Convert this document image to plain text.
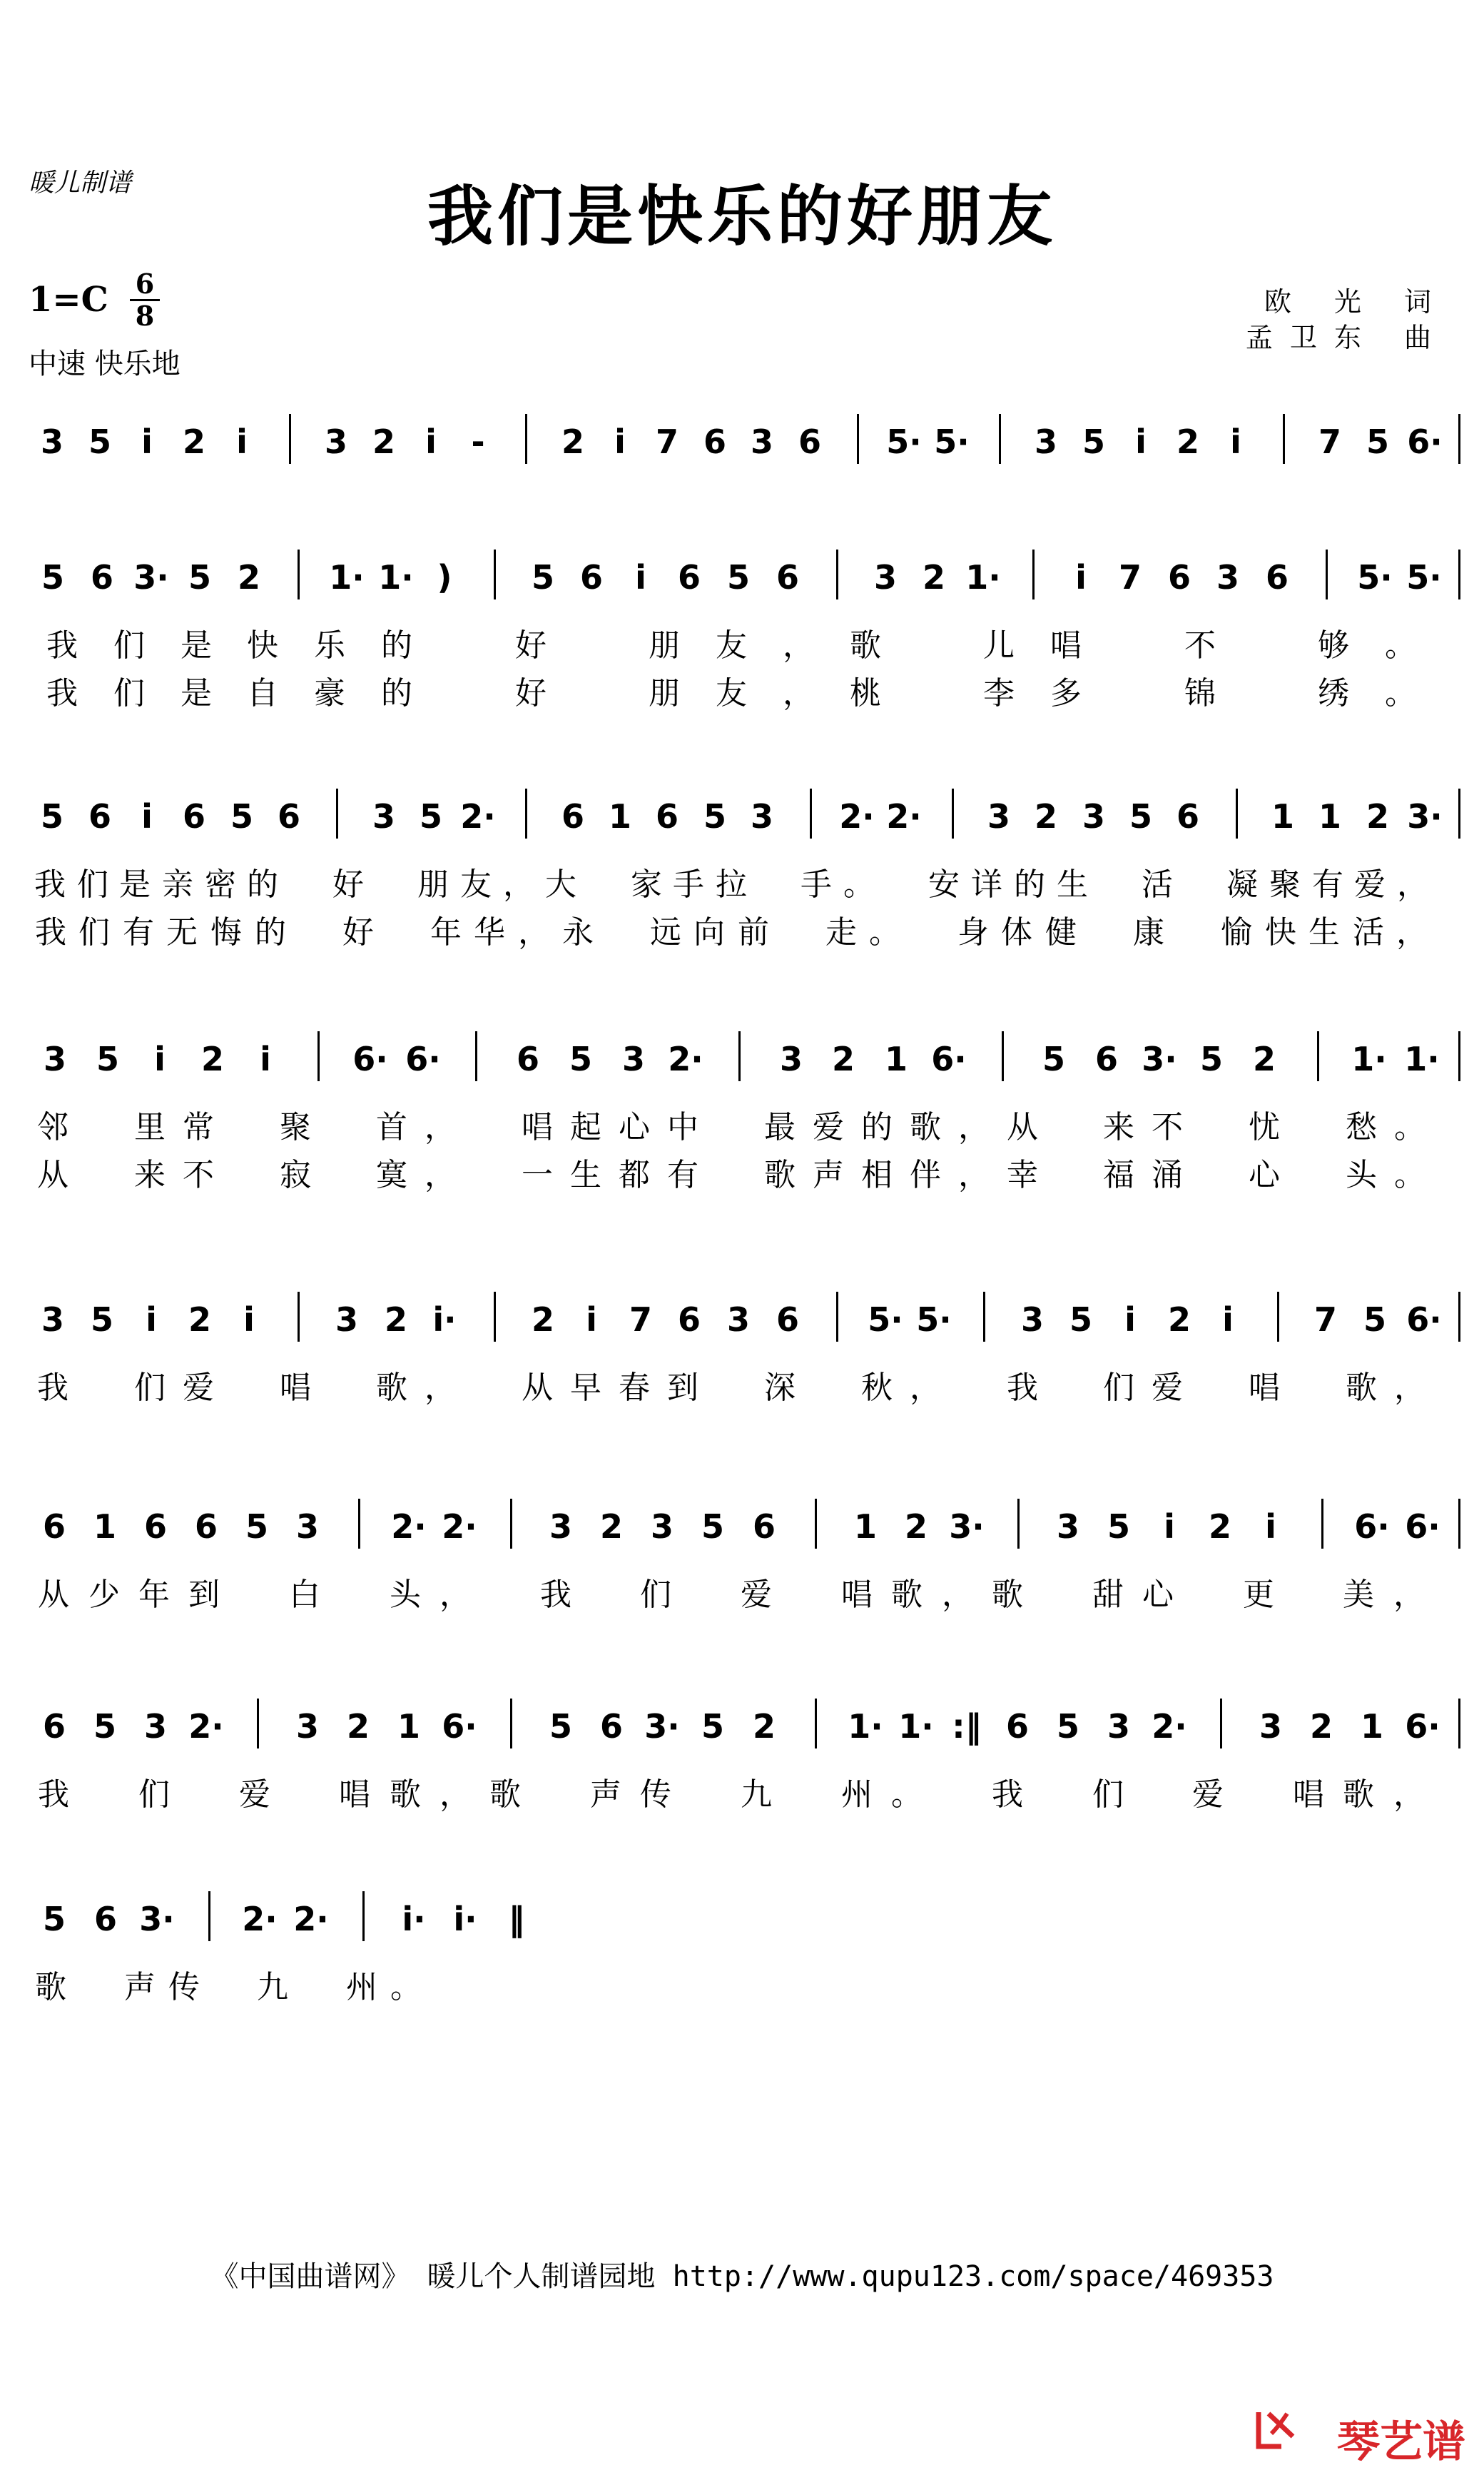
暖儿制谱	我们是快乐的好朋友
1=C 6
8
中速 快乐地
欧 光 词
孟卫东 曲
3 5 i 2 i 3 2 i - 2 i 7 6 3 6 5· 5· 3 5 i 2 i 7 5 6·
5 6 3· 5 2 1· 1· ) 5 6 i 6 5 6 3 2 1· i 7 6 3 6 5· 5·
我 们 是 快 乐 的	好	朋 友 ， 歌	儿 唱	不	够 。
我 们 是 自 豪 的	好	朋 友 ， 桃	李 多	锦	绣 。
5 6 i 6 5 6 3 5 2· 6 1 6 5 3 2· 2· 3 2 3 5 6 1 1 2 3·
我 们 是 亲 密 的 好 朋 友 ， 大 家 手 拉 手 。 安 详 的 生 活 凝 聚 有 爱 ，
我 们 有 无 悔 的 好 年 华 ， 永 远 向 前 走 。 身 体 健 康 愉 快 生 活 ，
3 5 i 2 i 6· 6· 6 5 3 2· 3 2 1 6· 5 6 3· 5 2 1· 1·
邻 里 常 聚 首 ， 唱 起 心 中 最 爱 的 歌 ， 从 来 不 忧 愁 。
从 来 不 寂 寞 ， 一 生 都 有 歌 声 相 伴 ， 幸 福 涌 心 头 。
3 5 i 2 i 3 2 i· 2 i 7 6 3 6 5· 5· 3 5 i 2 i 7 5 6·
我 们 爱 唱 歌 ， 从 早 春 到 深 秋 ， 我 们 爱 唱 歌 ，
6 1 6 6 5 3 2· 2· 3 2 3 5 6 1 2 3· 3 5 i 2 i 6· 6·
从 少 年 到 白 头 ， 我 们 爱 唱 歌 ， 歌 甜 心 更 美 ，
6 5 3 2· 3 2 1 6· 5 6 3· 5 2 1· 1· :‖ 6 5 3 2· 3 2 1 6·
我 们 爱 唱 歌 ， 歌 声 传 九 州 。 我 们 爱 唱 歌 ，
5 6 3· 2· 2· i· i· ‖
歌 声 传 九 州 。
《中国曲谱网》 暖儿个人制谱园地 http://www.qupu123.com/space/469353
琴艺谱
